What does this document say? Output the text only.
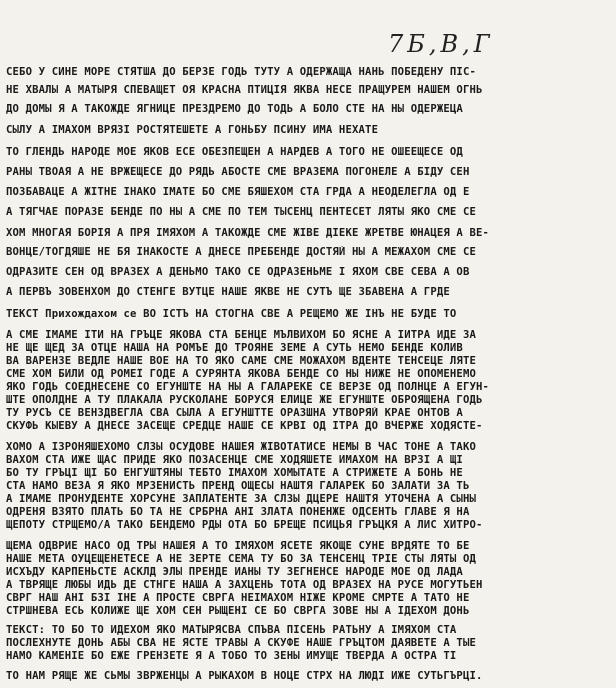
7Б,В,Г
СЕБО У СИНЕ МОРЕ СТЯТША ДО БЕРЗЕ ГОДЬ ТУТУ А ОДЕРЖАЩА НАНЬ ПОБЕДЕНУ ПІС-
НЕ ХВАЛЫ А МАТЫРЯ СПЕВАЩЕТ ОЯ КРАСНА ПТИЦІЯ ЯКВА НЕСЕ ПРАЩУРЕМ НАШЕМ ОГНЬ
ДО ДОМЫ Я А ТАКОЖДЕ ЯГНИЦЕ ПРЕЗДРЕМО ДО ТОДЬ А БОЛО СТЕ НА НЫ ОДЕРЖЕЦА
СЫЛУ А ІМАХОМ ВРЯЗІ РОСТЯТЕШЕТЕ А ГОНЬБУ ПСИНУ ИМА НЕХАТЕ
ТО ГЛЕНДЬ НАРОДЕ МОЕ ЯКОВ ЕСЕ ОБЕЗПЕЩЕН А НАРДЕВ А ТОГО НЕ ОШЕЕЩЕСЕ ОД
РАНЫ ТВОАЯ А НЕ ВРЖЕЩЕСЕ ДО РЯДЬ АБОСТЕ СМЕ ВРАЗЕМА ПОГОНЕЛЕ А БІДУ СЕН
ПОЗБАВАЦЕ А ЖІТНЕ ІНАКО ІМАТЕ БО СМЕ БЯШЕХОМ СТА ГРДА А НЕОДЕЛЕГЛА ОД Е
А ТЯГЧАЕ ПОРАЗЕ БЕНДЕ ПО НЫ А СМЕ ПО ТЕМ ТЫСЕНЦ ПЕНТЕСЕТ ЛЯТЫ ЯКО СМЕ СЕ
ХОМ МНОГАЯ БОРІЯ А ПРЯ ІМЯХОМ А ТАКОЖДЕ СМЕ ЖІВЕ ДІЕКЕ ЖРЕТВЕ ЮНАЦЕЯ А ВЕ-
ВОНЦЕ/ТОГДЯШЕ НЕ БЯ ІНАКОСТЕ А ДНЕСЕ ПРЕБЕНДЕ ДОСТЯЙ НЫ А МЕЖАХОМ СМЕ СЕ
ОДРАЗИТЕ СЕН ОД ВРАЗЕХ А ДЕНЬМО ТАКО СЕ ОДРАЗЕНЬМЕ І ЯХОМ СВЕ СЕВА А ОВ
А ПЕРВЪ ЗОВЕНХОМ ДО СТЕНГЕ ВУТЦЕ НАШЕ ЯКВЕ НЕ СУТЪ ЩЕ ЗБАВЕНА А ГРДЕ
ТЕКСТ Прихождахом се ВО ІСТЪ НА СТОГНА СВЕ А РЕЩЕМО ЖЕ ІНЪ НЕ БУДЕ ТО
А СМЕ ІМАМЕ ІТИ НА ГРЪЦЕ ЯКОВА СТА БЕНЦЕ МЪЛВИХОМ БО ЯСНЕ А ІИТРА ИДЕ ЗА
НЕ ЩЕ ЩЕД ЗА ОТЦЕ НАША НА РОМЪЕ ДО ТРОЯНЕ ЗЕМЕ А СУТЬ НЕМО БЕНДЕ КОЛИВ
ВА ВАРЕНЗЕ ВЕДЛЕ НАШЕ ВОЕ НА ТО ЯКО САМЕ СМЕ МОЖАХОМ ВДЕНТЕ ТЕНСЕЦЕ ЛЯТЕ
СМЕ ХОМ БИЛИ ОД РОМЕЇ ГОДЕ А СУРЯНТА ЯКОВА БЕНДЕ СО НЫ НИЖЕ НЕ ОПОМЕНЕМО
ЯКО ГОДЬ СОЕДНЕСЕНЕ СО ЕГУНШТЕ НА НЫ А ГАЛАРЕКЕ СЕ ВЕРЗЕ ОД ПОЛНЦЕ А ЕГУН-
ШТЕ ОПОЛДНЕ А ТУ ПЛАКАЛА РУСКОЛАНЕ БОРУСЯ ЕЛИЦЕ ЖЕ ЕГУНШТЕ ОБРОЯЩЕНА ГОДЬ
ТУ РУСЪ СЕ ВЕНЗДВЕГЛА СВА СЫЛА А ЕГУНШТТЕ ОРАЗШНА УТВОРЯЙ КРАЕ ОНТОВ А
СКУФЬ КЫЕВУ А ДНЕСЕ ЗАСЕЩЕ СРЕДЦЕ НАШЕ СЕ КРВІ ОД ІТРА ДО ВЧЕРЖЕ ХОДЯСТЕ-
ХОМО А ІЗРОНЯШЕХОМО СЛЗЫ ОСУДОВЕ НАШЕЯ ЖІВОТАТИСЕ НЕМЫ В ЧАС ТОНЕ А ТАКО
ВАХОМ СТА ИЖЕ ЩАС ПРИДЕ ЯКО ПОЗАСЕНЦЕ СМЕ ХОДЯШЕТЕ ИМАХОМ НА ВРЗІ А ЩІ
БО ТУ ГРЪЦІ ЩІ БО ЕНГУШТЯНЫ ТЕБТО ІМАХОМ ХОМЫТАТЕ А СТРИЖЕТЕ А БОНЬ НЕ
СТА НАМО ВЕЗА Я ЯКО МРЗЕНИСТЬ ПРЕНД ОЩЕСЫ НАШТЯ ГАЛАРЕК БО ЗАЛАТИ ЗА ТЬ
А ІМАМЕ ПРОНУДЕНТЕ ХОРСУНЕ ЗАПЛАТЕНТЕ ЗА СЛЗЫ ДЦЕРЕ НАШТЯ УТОЧЕНА А СЫНЫ
ОДРЕНЯ ВЗЯТО ПЛАТЬ БО ТА НЕ СРБРНА АНІ ЗЛАТА ПОНЕНЖЕ ОДСЕНТЬ ГЛАВЕ Я НА
ЩЕПОТУ СТРЩЕМО/А ТАКО БЕНДЕМО РДЫ ОТА БО БРЕЩЕ ПСИЦЬЯ ГРЪЦКЯ А ЛИС ХИТРО-
ЩЕМА ОДВРИЕ НАСО ОД ТРЫ НАШЕЯ А ТО ІМЯХОМ ЯСЕТЕ ЯКОЩЕ СУНЕ ВРДЯТЕ ТО БЕ
НАШЕ МЕТА ОУЦЕЩЕНЕТЕСЕ А НЕ ЗЕРТЕ СЕМА ТУ БО ЗА ТЕНСЕНЦ ТРІЕ СТЫ ЛЯТЫ ОД
ИСХЪДУ КАРПЕНЬСТЕ АСКЛД ЭЛЫ ПРЕНДЕ ИАНЫ ТУ ЗЕГНЕНСЕ НАРОДЕ МОЕ ОД ЛАДА
А ТВРЯЩЕ ЛЮБЫ ИДЬ ДЕ СТНГЕ НАША А ЗАХЦЕНЬ ТОТА ОД ВРАЗЕХ НА РУСЕ МОГУТЬЕН
СВРГ НАШ АНІ БЗІ ІНЕ А ПРОСТЕ СВРГА НЕІМАХОМ НІЖЕ КРОМЕ СМРТЕ А ТАТО НЕ
СТРШНЕВА ЕСЬ КОЛИЖЕ ЩЕ ХОМ СЕН РЫЩЕНІ СЕ БО СВРГА ЗОВЕ НЫ А ІДЕХОМ ДОНЬ
ТЕКСТ: ТО БО ТО ИДЕХОМ ЯКО МАТЫРЯСВА СПЪВА ПІСЕНЬ РАТЬНУ А ІМЯХОМ СТА
ПОСЛЕХНУТЕ ДОНЬ АБЫ СВА НЕ ЯСТЕ ТРАВЫ А СКУФЕ НАШЕ ГРЪЦТОМ ДАЯВЕТЕ А ТЫЕ
НАМО КАМЕНІЕ БО ЕЖЕ ГРЕНЗЕТЕ Я А ТОБО ТО ЗЕНЫ ИМУЩЕ ТВЕРДА А ОСТРА ТІ
ТО НАМ РЯЩЕ ЖЕ СЬМЫ ЗВРЖЕНЦЫ А РЫКАХОМ В НОЦЕ СТРХ НА ЛЮДІ ИЖЕ СУТЬГЪРЦІ.
